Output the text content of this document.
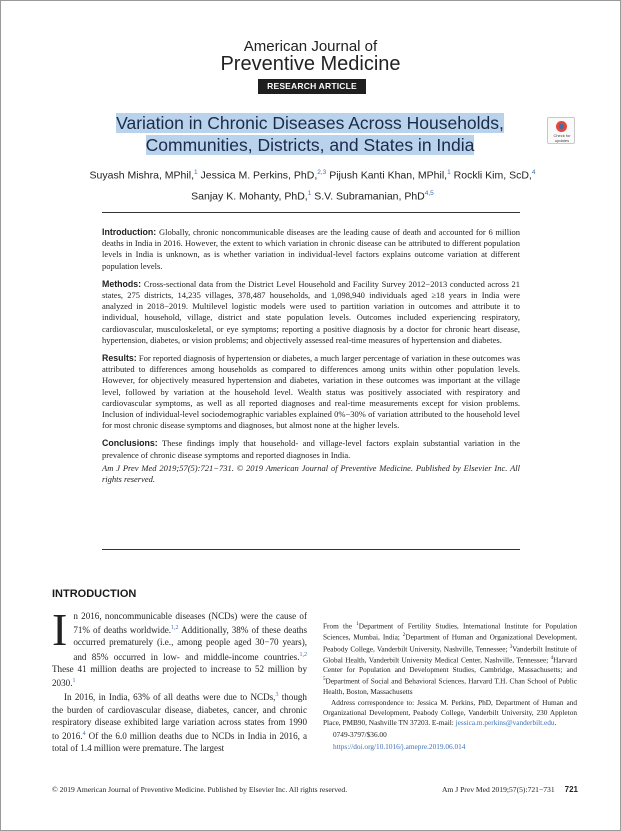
American Journal of
Preventive Medicine
RESEARCH ARTICLE
Variation in Chronic Diseases Across Households,
Communities, Districts, and States in India	Check for
updates
Suyash Mishra, MPhil,$^1$ Jessica M. Perkins, PhD,$^{2,3}$ Pijush Kanti Khan, MPhil,$^1$ Rockli Kim, ScD,$^4$
Sanjay K. Mohanty, PhD,$^1$ S.V. Subramanian, PhD$^{4,5}$

Introduction: Globally, chronic noncommunicable diseases are the leading cause of death and accounted for 6 million deaths in India in 2016. However, the extent to which variation in chronic disease can be attributed to different population levels in India is unknown, as is whether variation in individual-level factors explains outcome variation at different population levels.

Methods: Cross-sectional data from the District Level Household and Facility Survey 2012−2013 conducted across 21 states, 275 districts, 14,235 villages, 378,487 households, and 1,098,940 individuals aged ≥18 years in India were analyzed in 2018−2019. Multilevel logistic models were used to partition variation in outcomes and attribute it to individual, household, village, district and state population levels. Outcomes included experiencing respiratory, cardiovascular, musculoskeletal, or eye symptoms; reporting a positive diagnosis by a doctor for chronic heart disease, hypertension, diabetes, or vision problems; and objectively assessed real-time measures of hypertension and diabetes.

Results: For reported diagnosis of hypertension or diabetes, a much larger percentage of variation in these outcomes was attributed to differences among households as compared to differences among units within other population levels. However, for objectively measured hypertension and diabetes, variation in these outcomes was important at the village level, followed by variation at the household level. Wealth status was positively associated with respiratory and cardiovascular symptoms, as well as all reported diagnoses and real-time measurements except for vision problems. Inclusion of individual-level sociodemographic variables explained 0%−30% of variation attributed to the household level for most chronic disease symptoms and diagnoses, but almost none at the higher levels.

Conclusions: These findings imply that household- and village-level factors explain substantial variation in the prevalence of chronic disease symptoms and reported diagnoses in India.

Am J Prev Med 2019;57(5):721−731. © 2019 American Journal of Preventive Medicine. Published by Elsevier Inc. All rights reserved.

INTRODUCTION

In 2016, noncommunicable diseases (NCDs) were the cause of 71% of deaths worldwide.$^{1,2}$ Additionally, 38% of these deaths occurred prematurely (i.e., among people aged 30−70 years), and 85% occurred in low- and middle-income countries.$^{1,2}$ These 41 million deaths are projected to increase to 52 million by 2030.$^1$

In 2016, in India, 63% of all deaths were due to NCDs,$^3$ though the burden of cardiovascular disease, diabetes, cancer, and chronic respiratory disease exhibited large variation across states from 1990 to 2016.$^4$ Of the 6.0 million deaths due to NCDs in India in 2016, a total of 1.4 million were premature. The largest

From the $^1$Department of Fertility Studies, International Institute for Population Sciences, Mumbai, India; $^2$Department of Human and Organizational Development, Peabody College, Vanderbilt University, Nashville, Tennessee; $^3$Vanderbilt Institute of Global Health, Vanderbilt University Medical Center, Nashville, Tennessee; $^4$Harvard Center for Population and Development Studies, Cambridge, Massachusetts; and $^5$Department of Social and Behavioral Sciences, Harvard T.H. Chan School of Public Health, Boston, Massachusetts

Address correspondence to: Jessica M. Perkins, PhD, Department of Human and Organizational Development, Peabody College, Vanderbilt University, 230 Appleton Place, PMB90, Nashville TN 37203. E-mail: jessica.m.perkins@vanderbilt.edu.

0749-3797/$36.00

https://doi.org/10.1016/j.amepre.2019.06.014

© 2019 American Journal of Preventive Medicine. Published by Elsevier Inc. All rights reserved.	Am J Prev Med 2019;57(5):721−731 721
